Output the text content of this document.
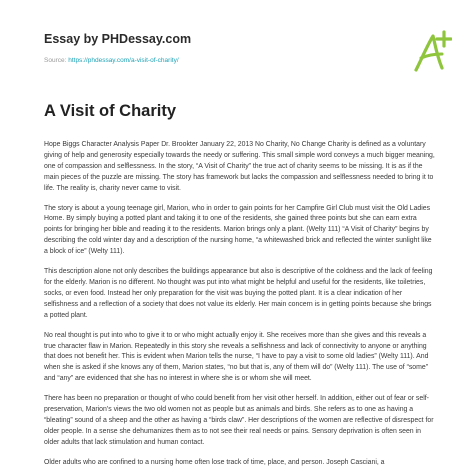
Essay by PHDessay.com

Source: https://phdessay.com/a-visit-of-charity/
A Visit of Charity

Hope Biggs Character Analysis Paper Dr. Brookter January 22, 2013 No Charity, No Change Charity is defined as a voluntary giving of help and generosity especially towards the needy or suffering. This small simple word conveys a much bigger meaning, one of compassion and selflessness. In the story, “A Visit of Charity” the true act of charity seems to be missing. It is as if the main pieces of the puzzle are missing. The story has framework but lacks the compassion and selflessness needed to bring it to life. The reality is, charity never came to visit.

The story is about a young teenage girl, Marion, who in order to gain points for her Campfire Girl Club must visit the Old Ladies Home. By simply buying a potted plant and taking it to one of the residents, she gained three points but she can earn extra points for bringing her bible and reading it to the residents. Marion brings only a plant. (Welty 111) “A Visit of Charity” begins by describing the cold winter day and a description of the nursing home, “a whitewashed brick and reflected the winter sunlight like a block of ice” (Welty 111).

This description alone not only describes the buildings appearance but also is descriptive of the coldness and the lack of feeling for the elderly. Marion is no different. No thought was put into what might be helpful and useful for the residents, like toiletries, socks, or even food. Instead her only preparation for the visit was buying the potted plant. It is a clear indication of her selfishness and a reflection of a society that does not value its elderly. Her main concern is in getting points because she brings a potted plant.

No real thought is put into who to give it to or who might actually enjoy it. She receives more than she gives and this reveals a true character flaw in Marion. Repeatedly in this story she reveals a selfishness and lack of connectivity to anyone or anything that does not benefit her. This is evident when Marion tells the nurse, “I have to pay a visit to some old ladies” (Welty 111). And when she is asked if she knows any of them, Marion states, “no but that is, any of them will do” (Welty 111). The use of “some” and “any” are evidenced that she has no interest in where she is or whom she will meet.

There has been no preparation or thought of who could benefit from her visit other herself. In addition, either out of fear or self-preservation, Marion’s views the two old women not as people but as animals and birds. She refers as to one as having a “bleating” sound of a sheep and the other as having a “birds claw”. Her descriptions of the women are reflective of disrespect for older people. In a sense she dehumanizes them as to not see their real needs or pains. Sensory deprivation is often seen in older adults that lack stimulation and human contact.

Older adults who are confined to a nursing home often lose track of time, place, and person. Joseph Casciani, a
